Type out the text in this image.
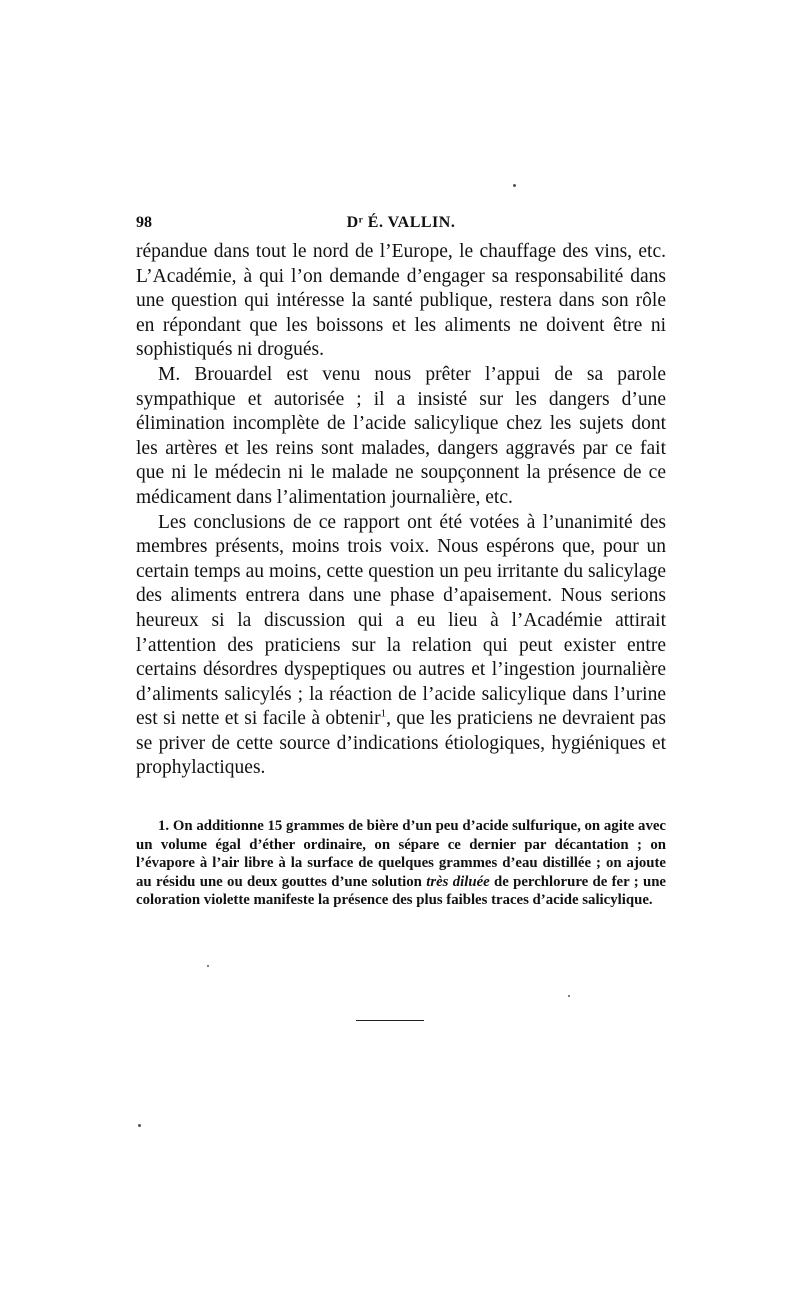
98	Dʳ É. VALLIN.

répandue dans tout le nord de l’Europe, le chauffage des vins, etc. L’Académie, à qui l’on demande d’engager sa responsabilité dans une question qui intéresse la santé publique, restera dans son rôle en répondant que les boissons et les aliments ne doivent être ni sophistiqués ni drogués.

M. Brouardel est venu nous prêter l’appui de sa parole sympathique et autorisée ; il a insisté sur les dangers d’une élimination incomplète de l’acide salicylique chez les sujets dont les artères et les reins sont malades, dangers aggravés par ce fait que ni le médecin ni le malade ne soupçonnent la présence de ce médicament dans l’alimentation journalière, etc.

Les conclusions de ce rapport ont été votées à l’unanimité des membres présents, moins trois voix. Nous espérons que, pour un certain temps au moins, cette question un peu irritante du salicylage des aliments entrera dans une phase d’apaisement. Nous serions heureux si la discussion qui a eu lieu à l’Académie attirait l’attention des praticiens sur la relation qui peut exister entre certains désordres dyspeptiques ou autres et l’ingestion journalière d’aliments salicylés ; la réaction de l’acide salicylique dans l’urine est si nette et si facile à obtenir$^1$, que les praticiens ne devraient pas se priver de cette source d’indications étiologiques, hygiéniques et prophylactiques.

1. On additionne 15 grammes de bière d’un peu d’acide sulfurique, on agite avec un volume égal d’éther ordinaire, on sépare ce dernier par décantation ; on l’évapore à l’air libre à la surface de quelques grammes d’eau distillée ; on ajoute au résidu une ou deux gouttes d’une solution très diluée de perchlorure de fer ; une coloration violette manifeste la présence des plus faibles traces d’acide salicylique.
